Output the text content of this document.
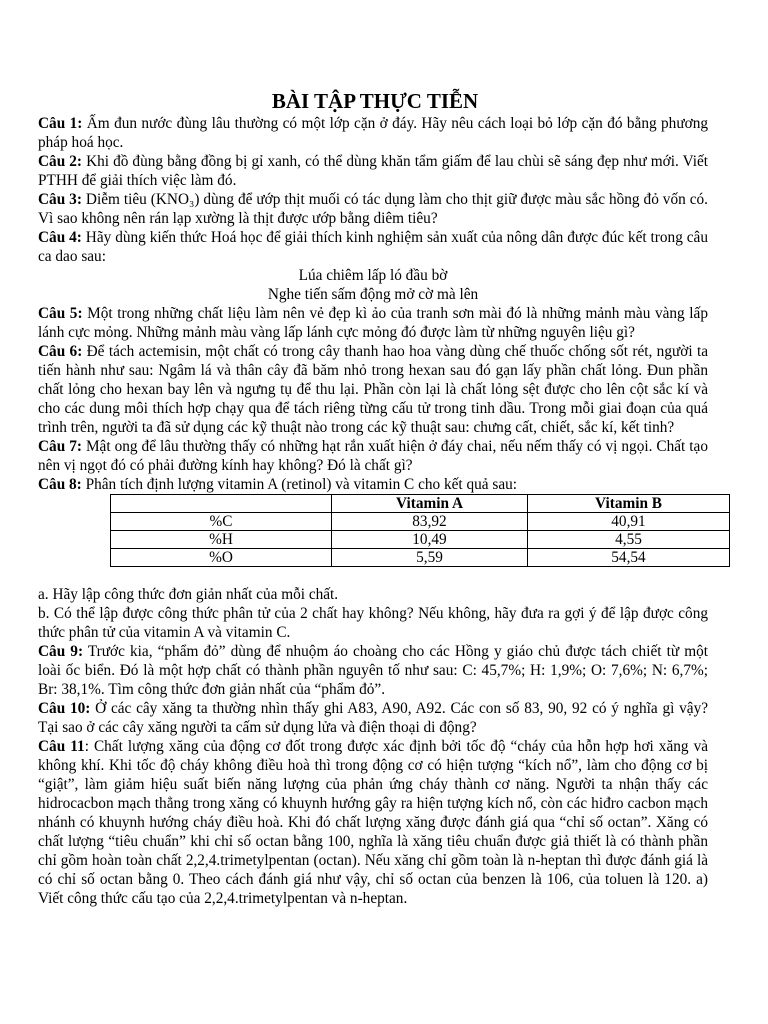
BÀI TẬP THỰC TIỄN

Câu 1: Ấm đun nước đùng lâu thường có một lớp cặn ở đáy. Hãy nêu cách loại bỏ lớp cặn đó bằng phương pháp hoá học.

Câu 2: Khi đồ đùng bằng đồng bị gỉ xanh, có thể dùng khăn tẩm giấm để lau chùi sẽ sáng đẹp như mới. Viết PTHH để giải thích việc làm đó.

Câu 3: Diễm tiêu (KNO₃) dùng để ướp thịt muối có tác dụng làm cho thịt giữ được màu sắc hồng đỏ vốn có. Vì sao không nên rán lạp xường là thịt được ướp bằng diêm tiêu?

Câu 4: Hãy dùng kiến thức Hoá học để giải thích kinh nghiệm sản xuất của nông dân được đúc kết trong câu ca dao sau:

Lúa chiêm lấp ló đầu bờ

Nghe tiến sấm động mở cờ mà lên

Câu 5: Một trong những chất liệu làm nên vẻ đẹp kì ảo của tranh sơn mài đó là những mảnh màu vàng lấp lánh cực mỏng. Những mảnh màu vàng lấp lánh cực mỏng đó được làm từ những nguyên liệu gì?

Câu 6: Để tách actemisin, một chất có trong cây thanh hao hoa vàng dùng chế thuốc chống sốt rét, người ta tiến hành như sau: Ngâm lá và thân cây đã băm nhỏ trong hexan sau đó gạn lấy phần chất lỏng. Đun phần chất lỏng cho hexan bay lên và ngưng tụ để thu lại. Phần còn lại là chất lỏng sệt được cho lên cột sắc kí và cho các dung môi thích hợp chạy qua để tách riêng từng cấu tử trong tinh dầu. Trong mỗi giai đoạn của quá trình trên, người ta đã sử dụng các kỹ thuật nào trong các kỹ thuật sau: chưng cất, chiết, sắc kí, kết tinh?

Câu 7: Mật ong để lâu thường thấy có những hạt rắn xuất hiện ở đáy chai, nếu nếm thấy có vị ngọi. Chất tạo nên vị ngọt đó có phải đường kính hay không? Đó là chất gì?

Câu 8: Phân tích định lượng vitamin A (retinol) và vitamin C cho kết quả sau:

	Vitamin A	Vitamin B
%C	83,92	40,91
%H	10,49	4,55
%O	5,59	54,54

a. Hãy lập công thức đơn giản nhất của mỗi chất.

b. Có thể lập được công thức phân tử của 2 chất hay không? Nếu không, hãy đưa ra gợi ý để lập được công thức phân tử của vitamin A và vitamin C.

Câu 9: Trước kia, “phẩm đỏ” dùng để nhuộm áo choàng cho các Hồng y giáo chủ được tách chiết từ một loài ốc biển. Đó là một hợp chất có thành phần nguyên tố như sau: C: 45,7%; H: 1,9%; O: 7,6%; N: 6,7%; Br: 38,1%. Tìm công thức đơn giản nhất của “phẩm đỏ”.

Câu 10: Ở các cây xăng ta thường nhìn thấy ghi A83, A90, A92. Các con số 83, 90, 92 có ý nghĩa gì vậy? Tại sao ở các cây xăng người ta cấm sử dụng lửa và điện thoại di động?

Câu 11: Chất lượng xăng của động cơ đốt trong được xác định bởi tốc độ “cháy của hỗn hợp hơi xăng và không khí. Khi tốc độ cháy không điều hoà thì trong động cơ có hiện tượng “kích nổ”, làm cho động cơ bị “giật”, làm giảm hiệu suất biến năng lượng của phản ứng cháy thành cơ năng. Người ta nhận thấy các hidrocacbon mạch thẳng trong xăng có khuynh hướng gây ra hiện tượng kích nổ, còn các hiđro cacbon mạch nhánh có khuynh hướng cháy điều hoà. Khi đó chất lượng xăng được đánh giá qua “chỉ số octan”. Xăng có chất lượng “tiêu chuẩn” khi chỉ số octan bằng 100, nghĩa là xăng tiêu chuẩn được giả thiết là có thành phần chỉ gồm hoàn toàn chất 2,2,4.trimetylpentan (octan). Nếu xăng chỉ gồm toàn là n-heptan thì được đánh giá là có chỉ số octan bằng 0. Theo cách đánh giá như vậy, chỉ số octan của benzen là 106, của toluen là 120. a) Viết công thức cấu tạo của 2,2,4.trimetylpentan và n-heptan.
